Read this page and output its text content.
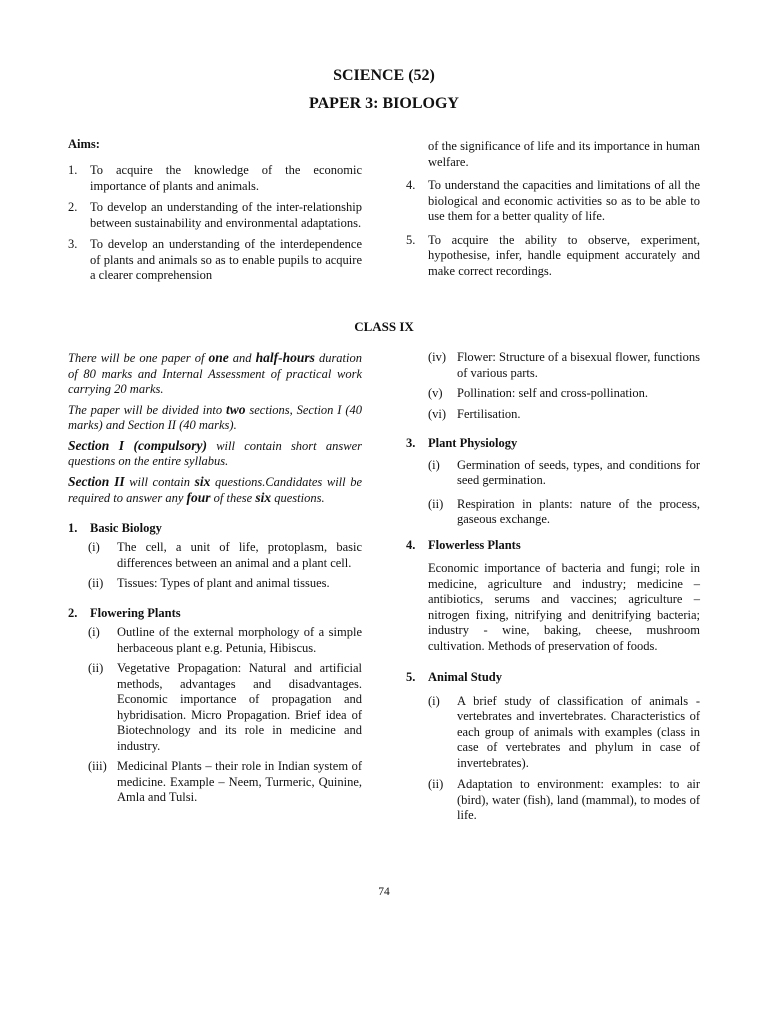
SCIENCE (52)
PAPER 3: BIOLOGY
Aims:
1. To acquire the knowledge of the economic importance of plants and animals.
2. To develop an understanding of the inter-relationship between sustainability and environmental adaptations.
3. To develop an understanding of the interdependence of plants and animals so as to enable pupils to acquire a clearer comprehension
of the significance of life and its importance in human welfare.
4. To understand the capacities and limitations of all the biological and economic activities so as to be able to use them for a better quality of life.
5. To acquire the ability to observe, experiment, hypothesise, infer, handle equipment accurately and make correct recordings.
CLASS IX

There will be one paper of one and half-hours duration of 80 marks and Internal Assessment of practical work carrying 20 marks.

The paper will be divided into two sections, Section I (40 marks) and Section II (40 marks).

Section I (compulsory) will contain short answer questions on the entire syllabus.

Section II will contain six questions.Candidates will be required to answer any four of these six questions.

1. Basic Biology
(i) The cell, a unit of life, protoplasm, basic differences between an animal and a plant cell.
(ii) Tissues: Types of plant and animal tissues.
2. Flowering Plants
(i) Outline of the external morphology of a simple herbaceous plant e.g. Petunia, Hibiscus.
(ii) Vegetative Propagation: Natural and artificial methods, advantages and disadvantages. Economic importance of propagation and hybridisation. Micro Propagation. Brief idea of Biotechnology and its role in medicine and industry.
(iii) Medicinal Plants – their role in Indian system of medicine. Example – Neem, Turmeric, Quinine, Amla and Tulsi.
(iv) Flower: Structure of a bisexual flower, functions of various parts.
(v) Pollination: self and cross-pollination.
(vi) Fertilisation.
3. Plant Physiology
(i) Germination of seeds, types, and conditions for seed germination.
(ii) Respiration in plants: nature of the process, gaseous exchange.
4. Flowerless Plants

Economic importance of bacteria and fungi; role in medicine, agriculture and industry; medicine – antibiotics, serums and vaccines; agriculture – nitrogen fixing, nitrifying and denitrifying bacteria; industry - wine, baking, cheese, mushroom cultivation. Methods of preservation of foods.

5. Animal Study
(i) A brief study of classification of animals - vertebrates and invertebrates. Characteristics of each group of animals with examples (class in case of vertebrates and phylum in case of invertebrates).
(ii) Adaptation to environment: examples: to air (bird), water (fish), land (mammal), to modes of life.
74
